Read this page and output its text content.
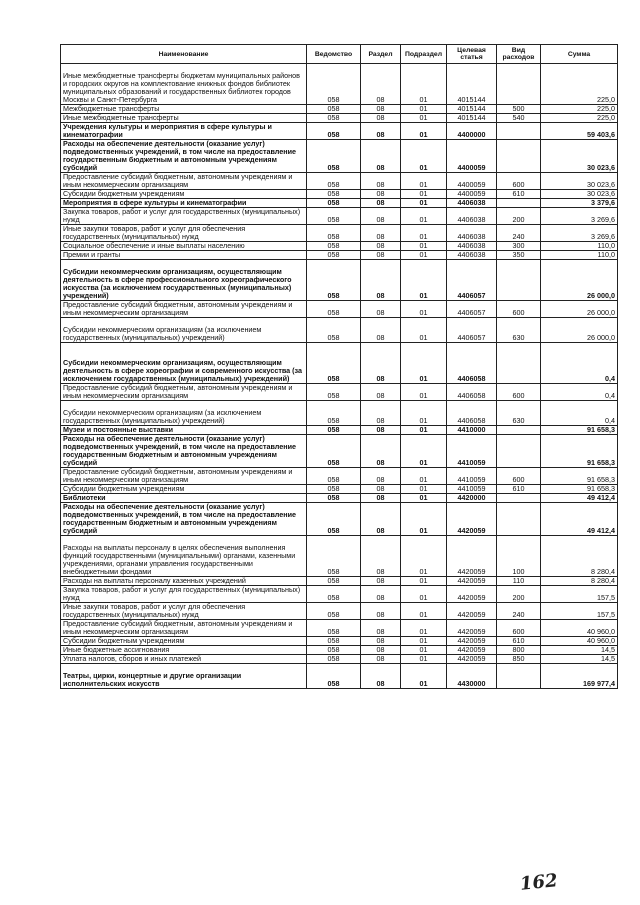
Наименование	Ведомство	Раздел	Подраздел	Целевая статья	Вид расходов	Сумма
Иные межбюджетные трансферты бюджетам муниципальных районов и городских округов на комплектование книжных фондов библиотек муниципальных образований и государственных библиотек городов Москвы и Санкт-Петербурга	058	08	01	4015144		225,0
Межбюджетные трансферты	058	08	01	4015144	500	225,0
Иные межбюджетные трансферты	058	08	01	4015144	540	225,0
Учреждения культуры и мероприятия в сфере культуры и кинематографии	058	08	01	4400000		59 403,6
Расходы на обеспечение деятельности (оказание услуг) подведомственных учреждений, в том числе на предоставление государственным бюджетным и автономным учреждениям субсидий	058	08	01	4400059		30 023,6
Предоставление субсидий бюджетным, автономным учреждениям и иным некоммерческим организациям	058	08	01	4400059	600	30 023,6
Субсидии бюджетным учреждениям	058	08	01	4400059	610	30 023,6
Мероприятия в сфере культуры и кинематографии	058	08	01	4406038		3 379,6
Закупка товаров, работ и услуг для государственных (муниципальных) нужд	058	08	01	4406038	200	3 269,6
Иные закупки товаров, работ и услуг для обеспечения государственных (муниципальных) нужд	058	08	01	4406038	240	3 269,6
Социальное обеспечение и иные выплаты населению	058	08	01	4406038	300	110,0
Премии и гранты	058	08	01	4406038	350	110,0
Субсидии некоммерческим организациям, осуществляющим деятельность в сфере профессионального хореографического искусства (за исключением государственных (муниципальных) учреждений)	058	08	01	4406057		26 000,0
Предоставление субсидий бюджетным, автономным учреждениям и иным некоммерческим организациям	058	08	01	4406057	600	26 000,0
Субсидии некоммерческим организациям (за исключением государственных (муниципальных) учреждений)	058	08	01	4406057	630	26 000,0
Субсидии некоммерческим организациям, осуществляющим деятельность в сфере хореографии и современного искусства (за исключением государственных (муниципальных) учреждений)	058	08	01	4406058		0,4
Предоставление субсидий бюджетным, автономным учреждениям и иным некоммерческим организациям	058	08	01	4406058	600	0,4
Субсидии некоммерческим организациям (за исключением государственных (муниципальных) учреждений)	058	08	01	4406058	630	0,4
Музеи и постоянные выставки	058	08	01	4410000		91 658,3
Расходы на обеспечение деятельности (оказание услуг) подведомственных учреждений, в том числе на предоставление государственным бюджетным и автономным учреждениям субсидий	058	08	01	4410059		91 658,3
Предоставление субсидий бюджетным, автономным учреждениям и иным некоммерческим организациям	058	08	01	4410059	600	91 658,3
Субсидии бюджетным учреждениям	058	08	01	4410059	610	91 658,3
Библиотеки	058	08	01	4420000		49 412,4
Расходы на обеспечение деятельности (оказание услуг) подведомственных учреждений, в том числе на предоставление государственным бюджетным и автономным учреждениям субсидий	058	08	01	4420059		49 412,4
Расходы на выплаты персоналу в целях обеспечения выполнения функций государственными (муниципальными) органами, казенными учреждениями, органами управления государственными внебюджетными фондами	058	08	01	4420059	100	8 280,4
Расходы на выплаты персоналу казенных учреждений	058	08	01	4420059	110	8 280,4
Закупка товаров, работ и услуг для государственных (муниципальных) нужд	058	08	01	4420059	200	157,5
Иные закупки товаров, работ и услуг для обеспечения государственных (муниципальных) нужд	058	08	01	4420059	240	157,5
Предоставление субсидий бюджетным, автономным учреждениям и иным некоммерческим организациям	058	08	01	4420059	600	40 960,0
Субсидии бюджетным учреждениям	058	08	01	4420059	610	40 960,0
Иные бюджетные ассигнования	058	08	01	4420059	800	14,5
Уплата налогов, сборов и иных платежей	058	08	01	4420059	850	14,5
Театры, цирки, концертные и другие организации исполнительских искусств	058	08	01	4430000		169 977,4
162
